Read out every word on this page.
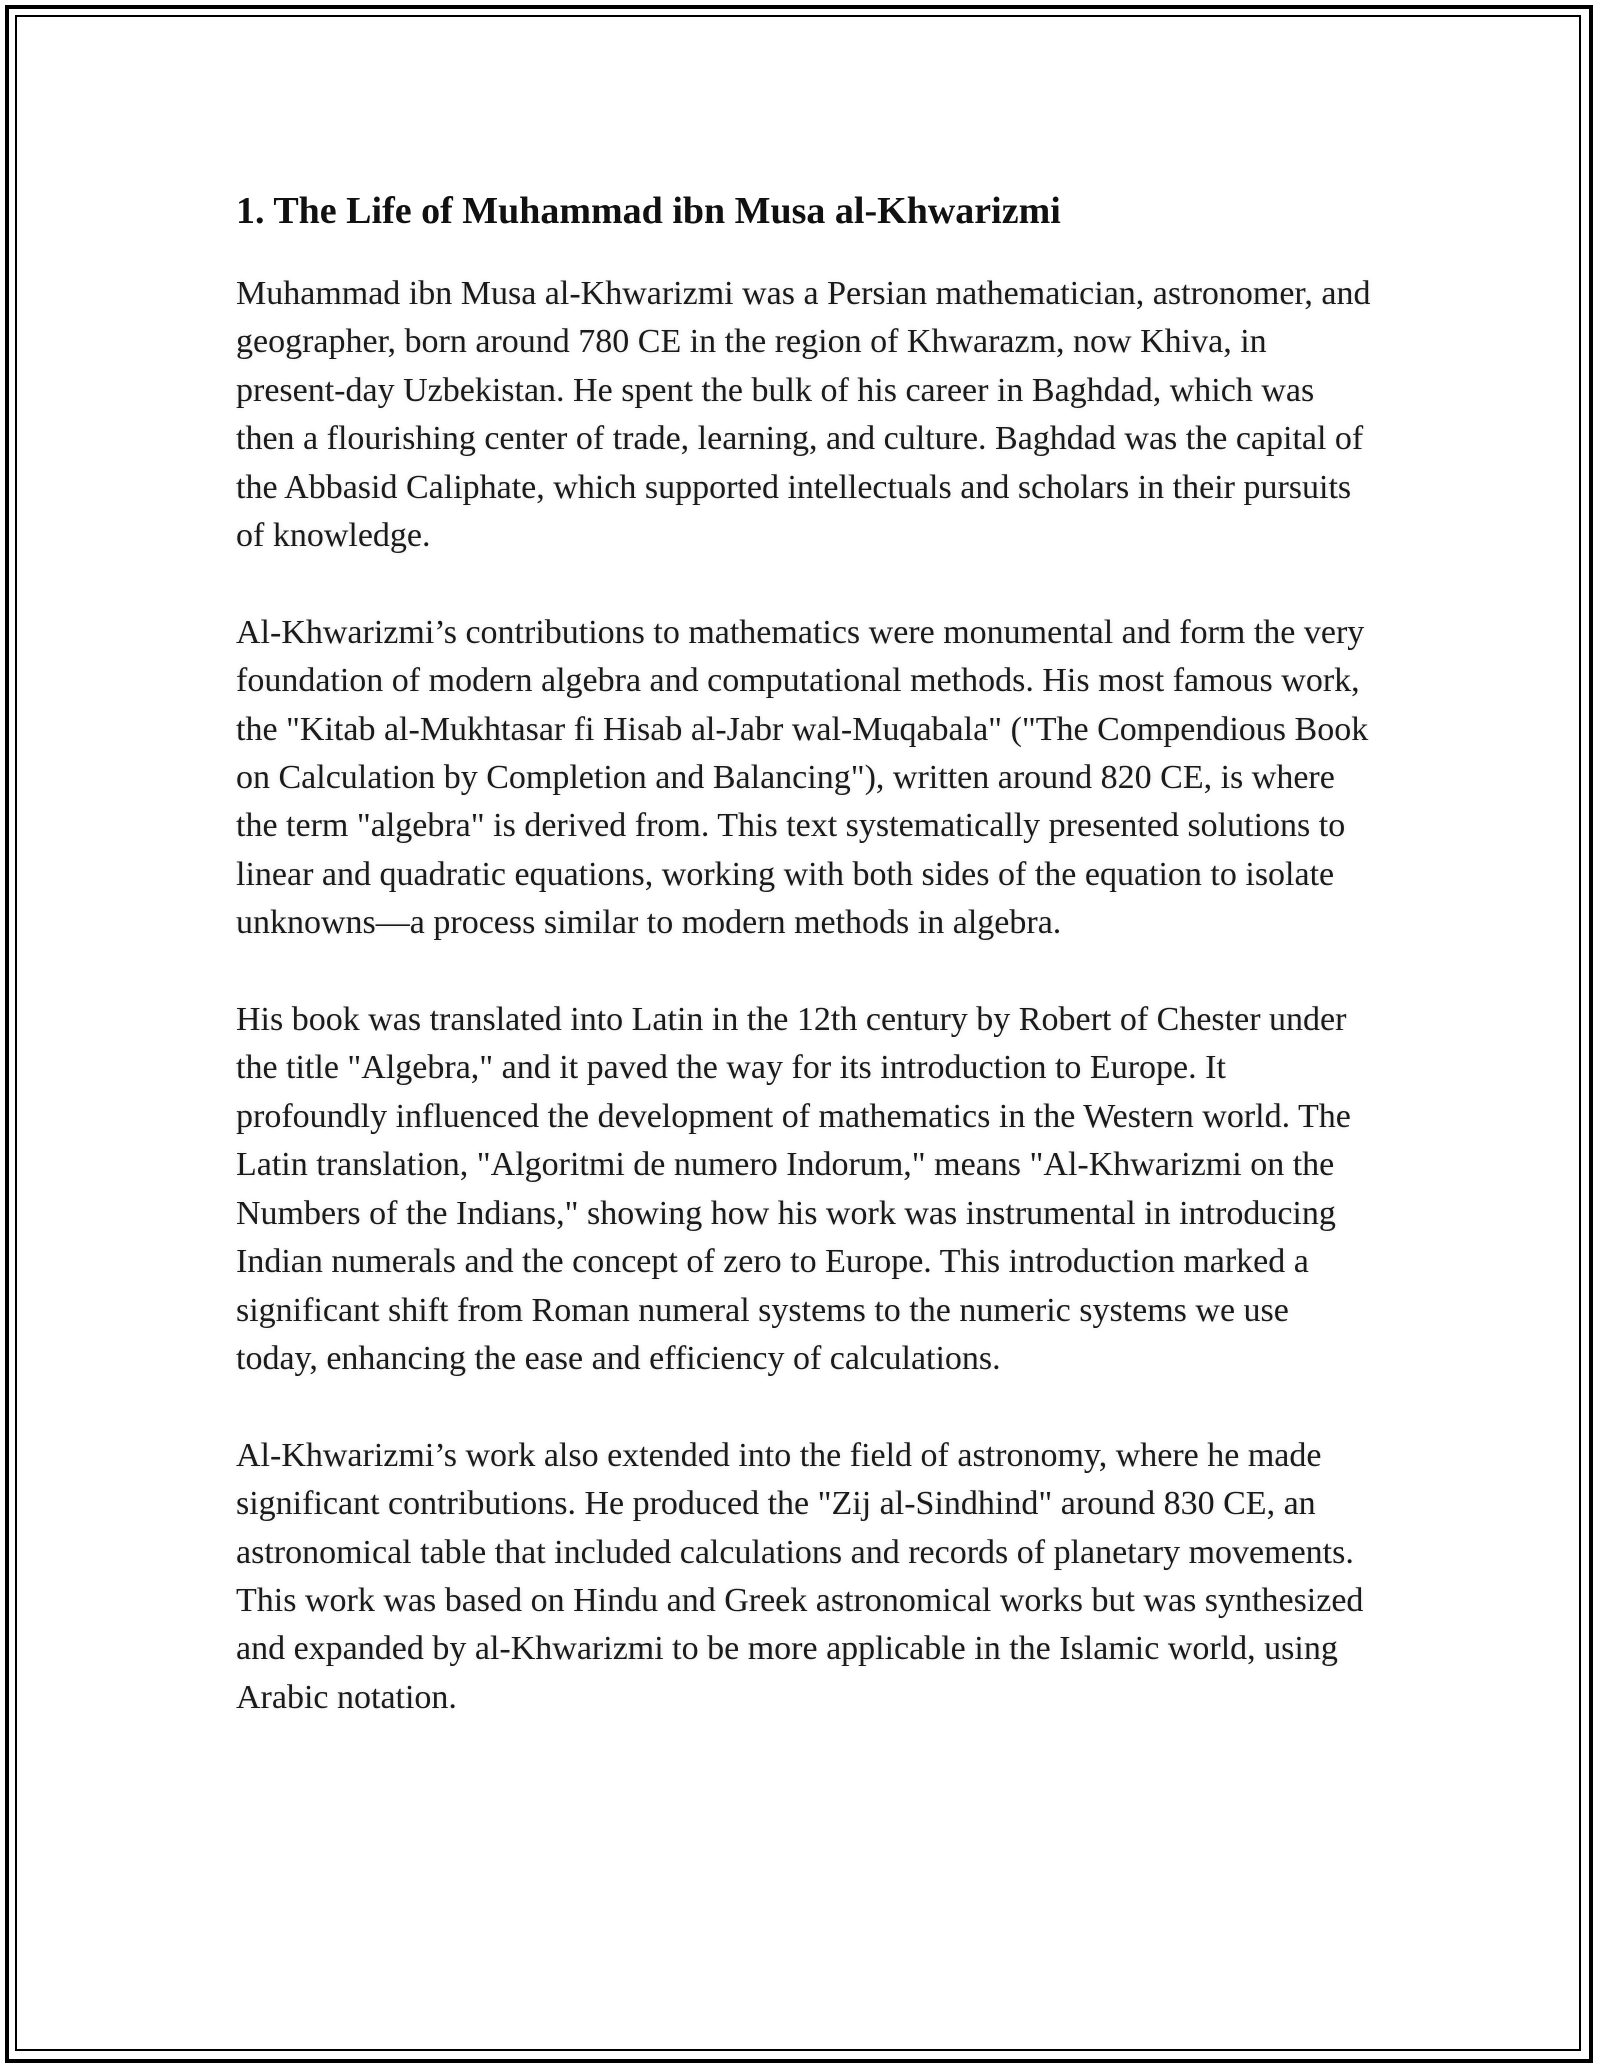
1. The Life of Muhammad ibn Musa al-Khwarizmi

Muhammad ibn Musa al-Khwarizmi was a Persian mathematician, astronomer, and geographer, born around 780 CE in the region of Khwarazm, now Khiva, in present-day Uzbekistan. He spent the bulk of his career in Baghdad, which was then a flourishing center of trade, learning, and culture. Baghdad was the capital of the Abbasid Caliphate, which supported intellectuals and scholars in their pursuits of knowledge.

Al-Khwarizmi’s contributions to mathematics were monumental and form the very foundation of modern algebra and computational methods. His most famous work, the "Kitab al-Mukhtasar fi Hisab al-Jabr wal-Muqabala" ("The Compendious Book on Calculation by Completion and Balancing"), written around 820 CE, is where the term "algebra" is derived from. This text systematically presented solutions to linear and quadratic equations, working with both sides of the equation to isolate unknowns—a process similar to modern methods in algebra.

His book was translated into Latin in the 12th century by Robert of Chester under the title "Algebra," and it paved the way for its introduction to Europe. It profoundly influenced the development of mathematics in the Western world. The Latin translation, "Algoritmi de numero Indorum," means "Al-Khwarizmi on the Numbers of the Indians," showing how his work was instrumental in introducing Indian numerals and the concept of zero to Europe. This introduction marked a significant shift from Roman numeral systems to the numeric systems we use today, enhancing the ease and efficiency of calculations.

Al-Khwarizmi’s work also extended into the field of astronomy, where he made significant contributions. He produced the "Zij al-Sindhind" around 830 CE, an astronomical table that included calculations and records of planetary movements. This work was based on Hindu and Greek astronomical works but was synthesized and expanded by al-Khwarizmi to be more applicable in the Islamic world, using Arabic notation.
